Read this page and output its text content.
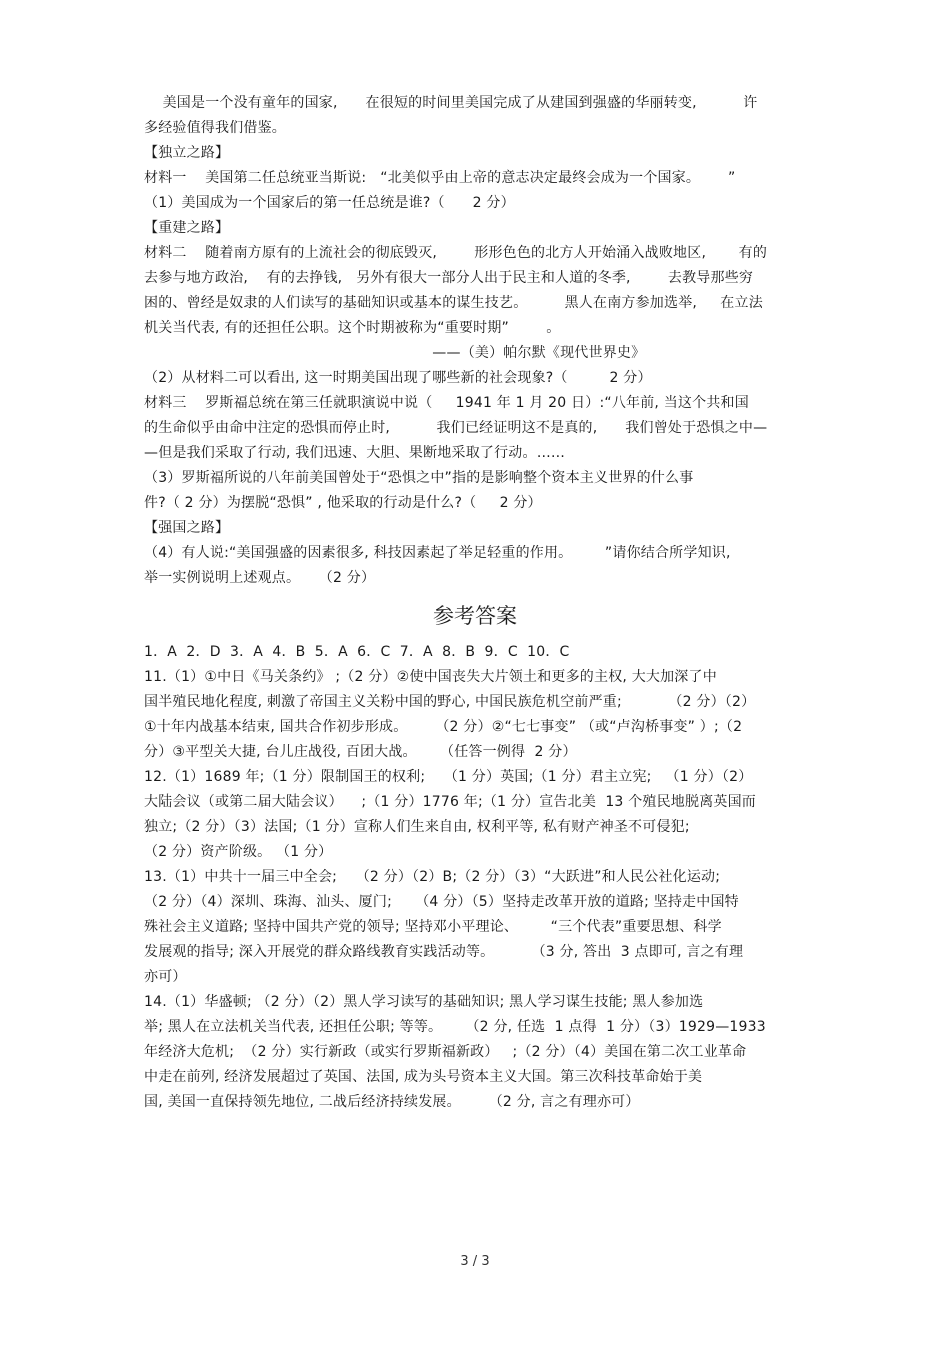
美国是一个没有童年的国家,      在很短的时间里美国完成了从建国到强盛的华丽转变,          许
多经验值得我们借鉴。
【独立之路】
材料一    美国第二任总统亚当斯说:   “北美似乎由上帝的意志决定最终会成为一个国家。      ”
（1）美国成为一个国家后的第一任总统是谁?（      2 分）
【重建之路】
材料二    随着南方原有的上流社会的彻底毁灭,        形形色色的北方人开始涌入战败地区,       有的
去参与地方政治,    有的去挣钱,   另外有很大一部分人出于民主和人道的冬季,        去教导那些穷
困的、曾经是奴隶的人们读写的基础知识或基本的谋生技艺。        黑人在南方参加选举,     在立法
机关当代表, 有的还担任公职。这个时期被称为“重要时期”        。
——（美）帕尔默《现代世界史》
（2）从材料二可以看出, 这一时期美国出现了哪些新的社会现象?（         2 分）
材料三    罗斯福总统在第三任就职演说中说（     1941 年 1 月 20 日）:“八年前, 当这个共和国
的生命似乎由命中注定的恐惧而停止时,          我们已经证明这不是真的,      我们曾处于恐惧之中—
—但是我们采取了行动, 我们迅速、大胆、果断地采取了行动。……
（3）罗斯福所说的八年前美国曾处于“恐惧之中”指的是影响整个资本主义世界的什么事
件?（ 2 分）为摆脱“恐惧” , 他采取的行动是什么?（     2 分）
【强国之路】
（4）有人说:“美国强盛的因素很多, 科技因素起了举足轻重的作用。       ”请你结合所学知识,
举一实例说明上述观点。    （2 分）
参考答案
1．A  2．D  3．A  4．B  5．A  6．C  7．A  8．B  9．C  10．C
11.（1）①中日《马关条约》 ;（2 分）②使中国丧失大片领土和更多的主权, 大大加深了中
国半殖民地化程度, 刺激了帝国主义关粉中国的野心, 中国民族危机空前严重;          （2 分）（2）
①十年内战基本结束, 国共合作初步形成。      （2 分）②“七七事变” （或“卢沟桥事变” ）;（2
分）③平型关大捷, 台儿庄战役, 百团大战。     （任答一例得  2 分）
12.（1）1689 年;（1 分）限制国王的权利;    （1 分）英国;（1 分）君主立宪;   （1 分）（2）
大陆会议（或第二届大陆会议）    ;（1 分）1776 年;（1 分）宣告北美  13 个殖民地脱离英国而
独立;（2 分）（3）法国;（1 分）宣称人们生来自由, 权利平等, 私有财产神圣不可侵犯;
（2 分）资产阶级。 （1 分）
13.（1）中共十一届三中全会;    （2 分）（2）B;（2 分）（3）“大跃进”和人民公社化运动;
（2 分）（4）深圳、珠海、汕头、厦门;     （4 分）（5）坚持走改革开放的道路; 坚持走中国特
殊社会主义道路; 坚持中国共产党的领导; 坚持邓小平理论、       “三个代表”重要思想、科学
发展观的指导; 深入开展党的群众路线教育实践活动等。        （3 分, 答出  3 点即可, 言之有理
亦可）
14.（1）华盛顿; （2 分）（2）黑人学习读写的基础知识; 黑人学习谋生技能; 黑人参加选
举; 黑人在立法机关当代表, 还担任公职; 等等。     （2 分, 任选  1 点得  1 分）（3）1929—1933
年经济大危机;  （2 分）实行新政（或实行罗斯福新政）   ;（2 分）（4）美国在第二次工业革命
中走在前列, 经济发展超过了英国、法国, 成为头号资本主义大国。第三次科技革命始于美
国, 美国一直保持领先地位, 二战后经济持续发展。      （2 分, 言之有理亦可）
3 / 3
